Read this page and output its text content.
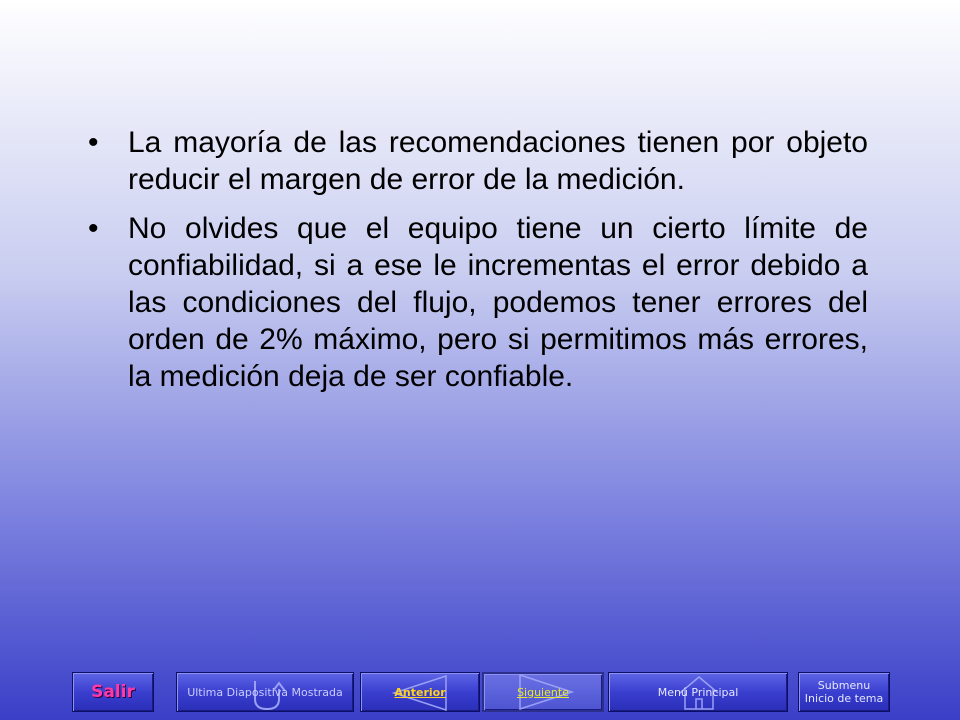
• La mayoría de las recomendaciones tienen por objeto reducir el margen de error de la medición.
• No olvides que el equipo tiene un cierto límite de confiabilidad, si a ese le incrementas el error debido a las condiciones del flujo, podemos tener errores del orden de 2% máximo, pero si permitimos más errores, la medición deja de ser confiable.
Salir	Ultima Diapositiva Mostrada	Anterior	Siguiente	Menú Principal	Submenu
Inicio de tema
